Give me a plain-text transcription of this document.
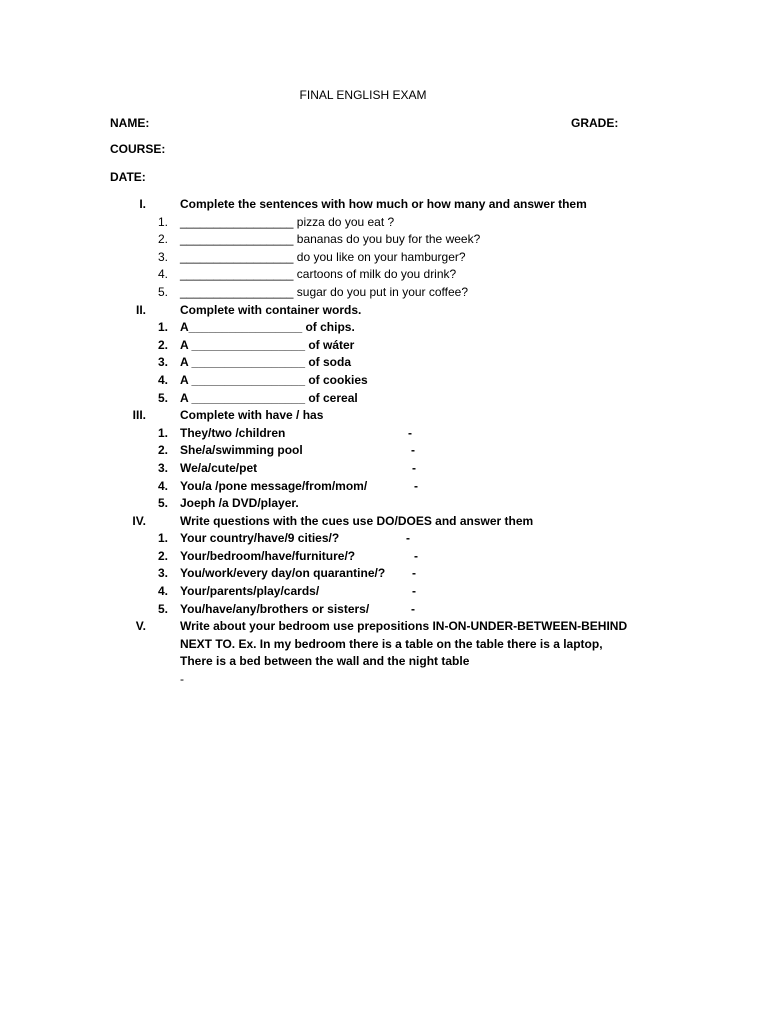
FINAL ENGLISH EXAM
NAME:	GRADE:
COURSE:
DATE:
I.	Complete the sentences with how much or how many and answer them
1. _________________ pizza do you eat ?
2. _________________ bananas do you buy for the week?
3. _________________ do you like on your hamburger?
4. _________________ cartoons of milk do you drink?
5. _________________ sugar do you put in your coffee?
II.	Complete with container words.
1. A_________________ of chips.
2. A _________________ of wáter
3. A _________________ of soda
4. A _________________ of cookies
5. A _________________ of cereal
III.	Complete with have / has
1. They/two /children	-
2. She/a/swimming pool	-
3. We/a/cute/pet	-
4. You/a /pone message/from/mom/	-
5. Joeph /a DVD/player.
IV.	Write questions with the cues use DO/DOES and answer them
1. Your country/have/9 cities/?	-
2. Your/bedroom/have/furniture/?	-
3. You/work/every day/on quarantine/? -
4. Your/parents/play/cards/	-
5. You/have/any/brothers or sisters/	-
V.	Write about your bedroom use prepositions IN-ON-UNDER-BETWEEN-BEHIND
NEXT TO. Ex. In my bedroom there is a table on the table there is a laptop,
There is a bed between the wall and the night table
-
